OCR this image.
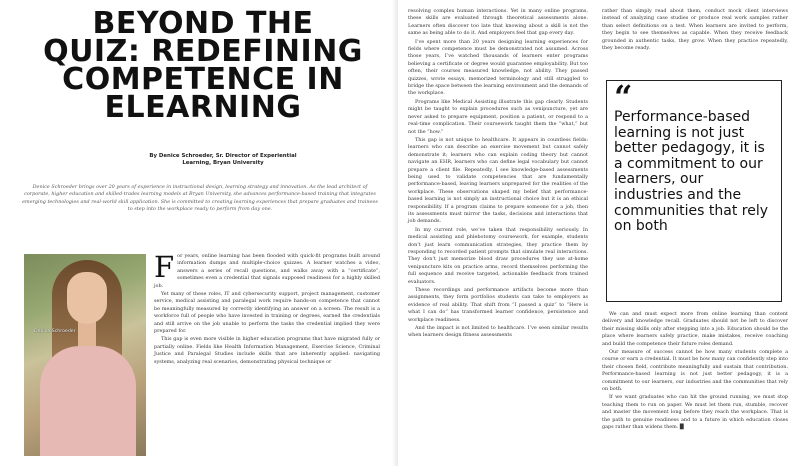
BEYOND THE
QUIZ: REDEFINING
COMPETENCE IN
ELEARNING
By Denice Schroeder, Sr. Director of Experiential
Learning, Bryan University

Denice Schroeder brings over 20 years of experience in instructional design, learning strategy and innovation. As the lead architect of corporate, higher education and skilled-trades learning models at Bryan University, she advances performance-based training that integrates emerging technologies and real-world skill application. She is committed to creating learning experiences that prepare graduates and trainees to step into the workplace ready to perform from day one.

Denice Schroeder

For years, online learning has been flooded with quick-fit programs built around information dumps and multiple-choice quizzes. A learner watches a video, answers a series of recall questions, and walks away with a “certificate”, sometimes even a credential that signals supposed readiness for a highly skilled job.

Yet many of these roles, IT and cybersecurity support, project management, customer service, medical assisting and paralegal work require hands-on competence that cannot be meaningfully measured by correctly identifying an answer on a screen. The result is a workforce full of people who have invested in training or degrees, earned the credentials and still arrive on the job unable to perform the tasks the credential implied they were prepared for.

This gap is even more visible in higher education programs that have migrated fully or partially online. Fields like Health Information Management, Exercise Science, Criminal Justice and Paralegal Studies include skills that are inherently applied: navigating systems, analyzing real scenarios, demonstrating physical technique or

resolving complex human interactions. Yet in many online programs, these skills are evaluated through theoretical assessments alone. Learners often discover too late that knowing about a skill is not the same as being able to do it. And employers feel that gap every day.

I’ve spent more than 20 years designing learning experiences for fields where competence must be demonstrated not assumed. Across those years, I’ve watched thousands of learners enter programs believing a certificate or degree would guarantee employability. But too often, their courses measured knowledge, not ability. They passed quizzes, wrote essays, memorized terminology and still struggled to bridge the space between the learning environment and the demands of the workplace.

Programs like Medical Assisting illustrate this gap clearly. Students might be taught to explain procedures such as venipuncture, yet are never asked to prepare equipment, position a patient, or respond to a real-time complication. Their coursework taught them the “what,” but not the “how.”

This gap is not unique to healthcare. It appears in countless fields: learners who can describe an exercise movement but cannot safely demonstrate it; learners who can explain coding theory but cannot navigate an EHR, learners who can define legal vocabulary but cannot prepare a client file. Repeatedly, I see knowledge-based assessments being used to validate competencies that are fundamentally performance-based, leaving learners unprepared for the realities of the workplace. These observations shaped my belief that performance-based learning is not simply an instructional choice but it is an ethical responsibility. If a program claims to prepare someone for a job, then its assessments must mirror the tasks, decisions and interactions that job demands.

In my current role, we’ve taken that responsibility seriously. In medical assisting and phlebotomy coursework, for example, students don’t just learn communication strategies, they practice them by responding to recorded patient prompts that simulate real interactions. They don’t just memorize blood draw procedures they use at-home venipuncture kits on practice arms, record themselves performing the full sequence and receive targeted, actionable feedback from trained evaluators.

These recordings and performance artifacts become more than assignments, they form portfolios students can take to employers as evidence of real ability. That shift from “I passed a quiz” to “Here is what I can do” has transformed learner confidence, persistence and workplace readiness.

And the impact is not limited to healthcare. I’ve seen similar results when learners design fitness assessments

rather than simply read about them, conduct mock client interviews instead of analyzing case studies or produce real work samples rather than select definitions on a test. When learners are invited to perform, they begin to see themselves as capable. When they receive feedback grounded in authentic tasks, they grow. When they practice repeatedly, they become ready.

“
Performance-based learning is not just better pedagogy, it is a commitment to our learners, our industries and the communities that rely on both

We can and must expect more from online learning than content delivery and knowledge recall. Graduates should not be left to discover their missing skills only after stepping into a job. Education should be the place where learners safely practice, make mistakes, receive coaching and build the competence their future roles demand.

Our measure of success cannot be how many students complete a course or earn a credential. It must be how many can confidently step into their chosen field, contribute meaningfully and sustain that contribution. Performance-based learning is not just better pedagogy, it is a commitment to our learners, our industries and the communities that rely on both.

If we want graduates who can hit the ground running, we must stop teaching them to run on paper. We must let them run, stumble, recover and master the movement long before they reach the workplace. That is the path to genuine readiness and to a future in which education closes gaps rather than widens them. █
